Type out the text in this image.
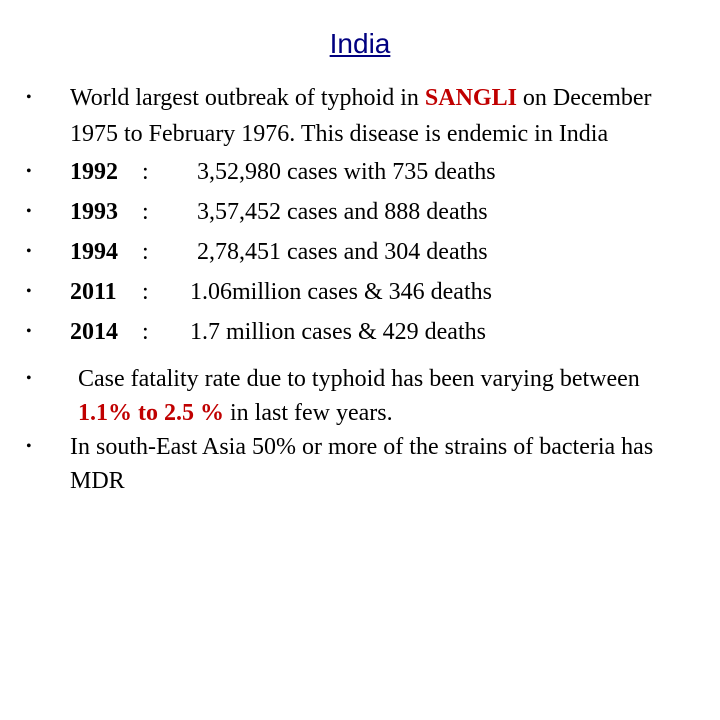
India
•	World largest outbreak of typhoid in SANGLI on December 1975 to February 1976. This disease is endemic in India
•	1992 : 3,52,980 cases with 735 deaths
•	1993 : 3,57,452 cases and 888 deaths
•	1994 : 2,78,451 cases and 304 deaths
•	2011 : 1.06million cases & 346 deaths
•	2014 : 1.7 million cases & 429 deaths
•	Case fatality rate due to typhoid has been varying between 1.1% to 2.5 % in last few years.
•	In south-East Asia 50% or more of the strains of bacteria has MDR
